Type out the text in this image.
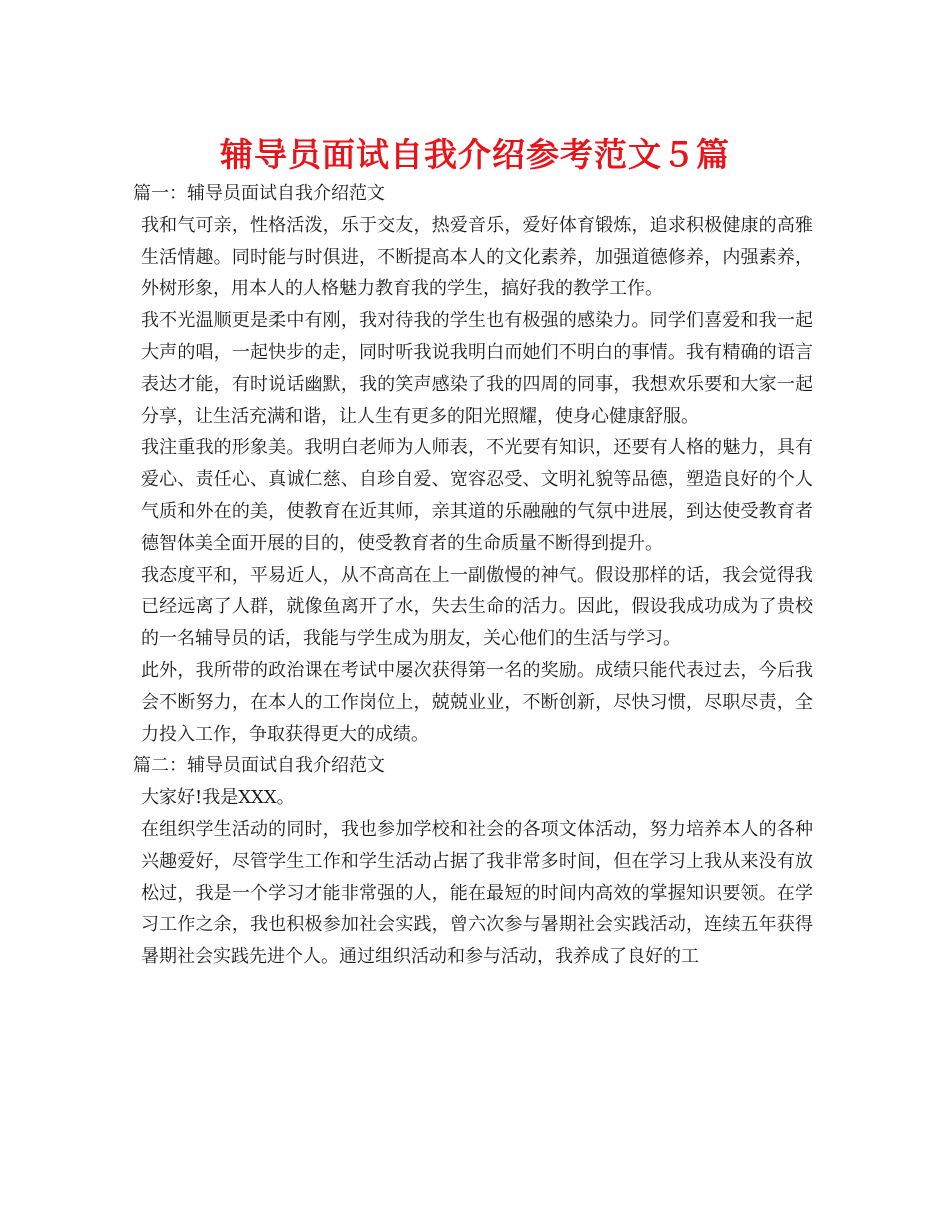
辅导员面试自我介绍参考范文５篇

篇一：辅导员面试自我介绍范文

我和气可亲，性格活泼，乐于交友，热爱音乐，爱好体育锻炼，追求积极健康的高雅生活情趣。同时能与时俱进，不断提高本人的文化素养，加强道德修养，内强素养，外树形象，用本人的人格魅力教育我的学生，搞好我的教学工作。

我不光温顺更是柔中有刚，我对待我的学生也有极强的感染力。同学们喜爱和我一起大声的唱，一起快步的走，同时听我说我明白而她们不明白的事情。我有精确的语言表达才能，有时说话幽默，我的笑声感染了我的四周的同事，我想欢乐要和大家一起分享，让生活充满和谐，让人生有更多的阳光照耀，使身心健康舒服。

我注重我的形象美。我明白老师为人师表，不光要有知识，还要有人格的魅力，具有爱心、责任心、真诚仁慈、自珍自爱、宽容忍受、文明礼貌等品德，塑造良好的个人气质和外在的美，使教育在近其师，亲其道的乐融融的气氛中进展，到达使受教育者德智体美全面开展的目的，使受教育者的生命质量不断得到提升。

我态度平和，平易近人，从不高高在上一副傲慢的神气。假设那样的话，我会觉得我已经远离了人群，就像鱼离开了水，失去生命的活力。因此，假设我成功成为了贵校的一名辅导员的话，我能与学生成为朋友，关心他们的生活与学习。

此外，我所带的政治课在考试中屡次获得第一名的奖励。成绩只能代表过去，今后我会不断努力，在本人的工作岗位上，兢兢业业，不断创新，尽快习惯，尽职尽责，全力投入工作，争取获得更大的成绩。

篇二：辅导员面试自我介绍范文

大家好!我是XXX。

在组织学生活动的同时，我也参加学校和社会的各项文体活动，努力培养本人的各种兴趣爱好，尽管学生工作和学生活动占据了我非常多时间，但在学习上我从来没有放松过，我是一个学习才能非常强的人，能在最短的时间内高效的掌握知识要领。在学习工作之余，我也积极参加社会实践，曾六次参与暑期社会实践活动，连续五年获得暑期社会实践先进个人。通过组织活动和参与活动，我养成了良好的工
